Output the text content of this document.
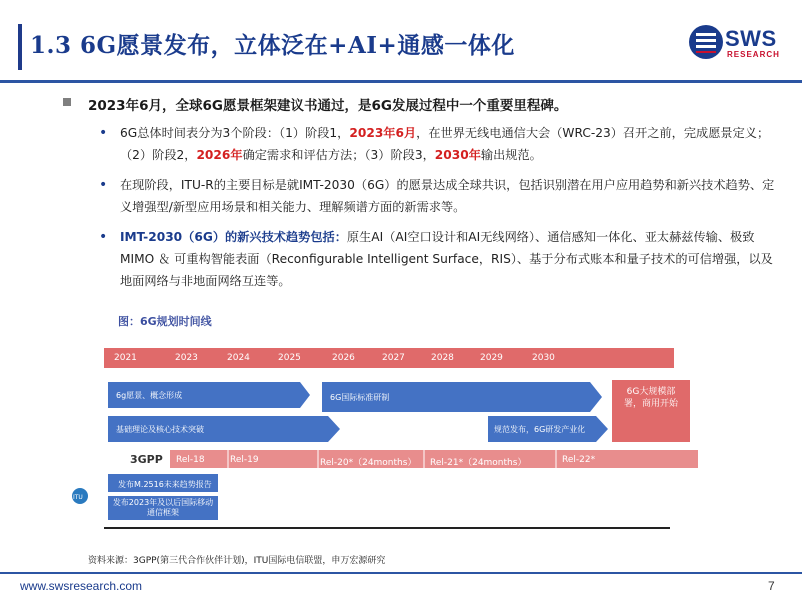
1.3 6G愿景发布，立体泛在+AI+通感一体化	SWS
RESEARCH
2023年6月，全球6G愿景框架建议书通过，是6G发展过程中一个重要里程碑。
• 6G总体时间表分为3个阶段：（1）阶段1，2023年6月，在世界无线电通信大会（WRC-23）召开之前，完成愿景定义；（2）阶段2，2026年确定需求和评估方法；（3）阶段3，2030年输出规范。
• 在现阶段，ITU-R的主要目标是就IMT-2030（6G）的愿景达成全球共识，包括识别潜在用户应用趋势和新兴技术趋势、定义增强型/新型应用场景和相关能力、理解频谱方面的新需求等。
• IMT-2030（6G）的新兴技术趋势包括：原生AI（AI空口设计和AI无线网络）、通信感知一体化、亚太赫兹传输、极致MIMO ＆ 可重构智能表面（Reconfigurable Intelligent Surface，RIS）、基于分布式账本和量子技术的可信增强，以及地面网络与非地面网络互连等。
图：6G规划时间线
3GPP
ITU
2021	2023	2024	2025	2026	2027	2028	2029	2030
6g愿景、概念形成	6G国际标准研制
6G大规模部署，商用开始
基础理论及核心技术突破	规范发布，6G研发产业化
Rel-18	Rel-19	Rel-20*（24months） Rel-21*（24months）	Rel-22*
发布M.2516未来趋势报告
发布2023年及以后国际移动通信框架
资料来源：3GPP(第三代合作伙伴计划)，ITU国际电信联盟，申万宏源研究
www.swsresearch.com	7
